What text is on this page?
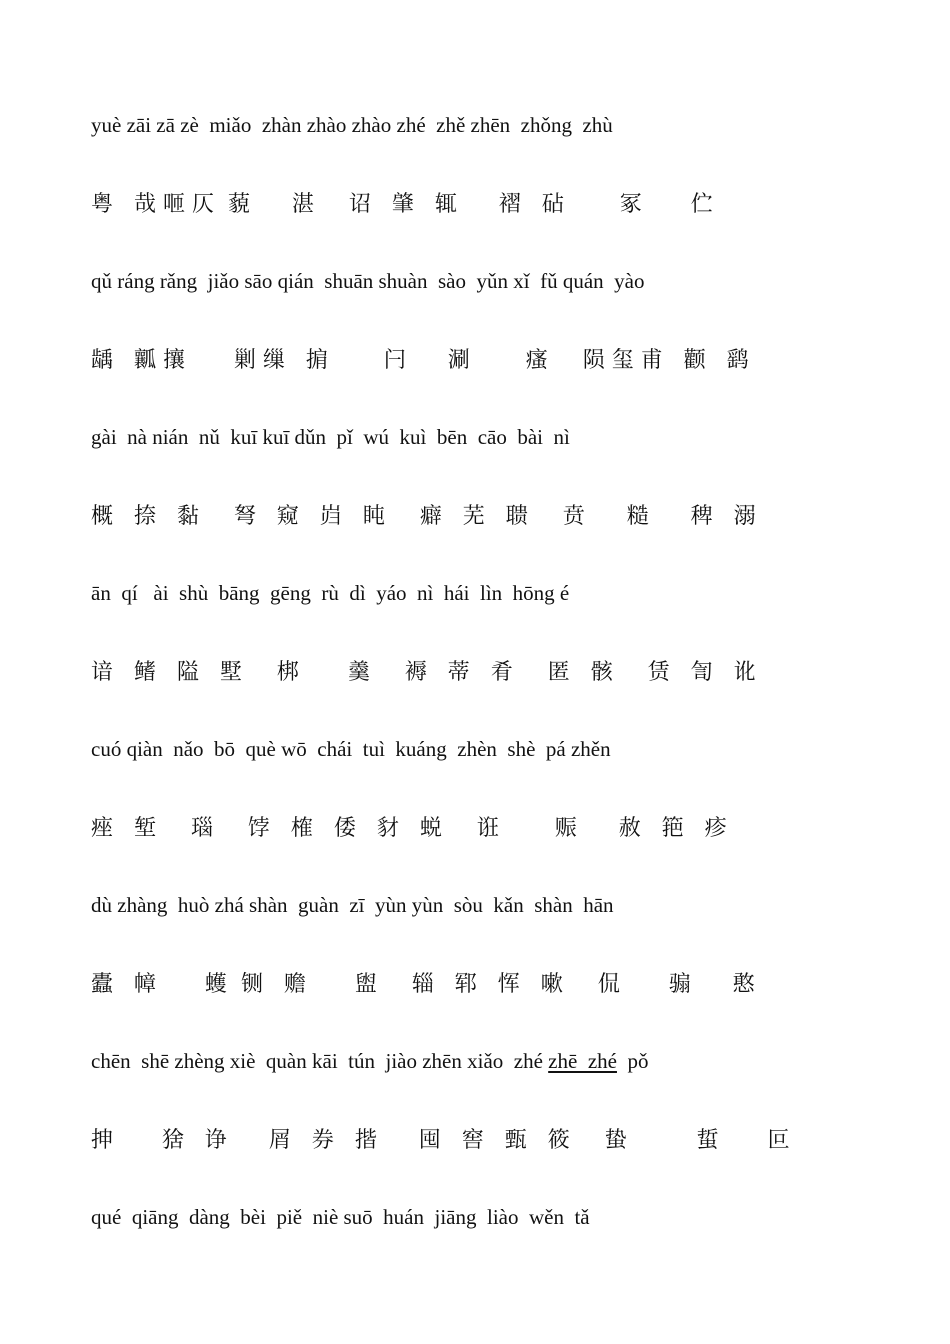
yuè zāi zā zè  miǎo  zhàn zhào zhào zhé  zhě zhēn  zhǒng  zhù
粤   哉 咂 仄  藐      湛     诏   肇   辄      褶   砧        冢       伫
qǔ ráng rǎng  jiǎo sāo qián  shuān shuàn  sào  yǔn xǐ  fǔ quán  yào
龋   瓤 攘       剿 缫   掮        闩      涮        瘙     陨 玺 甫   颧   鹞
gài  nà nián  nǔ  kuī kuī dǔn  pǐ  wú  kuì  bēn  cāo  bài  nì
概   捺   黏     弩   窥   岿   盹     癖   芜   聩     贲      糙      稗   溺
ān  qí   ài  shù  bāng  gēng  rù  dì  yáo  nì  hái  lìn  hōng é
谙   鳍   隘   墅     梆       羹     褥   蒂   肴     匿   骸     赁   訇   讹
cuó qiàn  nǎo  bō  què wō  chái  tuì  kuáng  zhèn  shè  pá zhěn
痤   堑     瑙     饽   榷   倭   豺   蜕     诳        赈      赦   筢   疹
dù zhàng  huò zhá shàn  guàn  zī  yùn yùn  sòu  kǎn  shàn  hān
蠹   幛       蠖  铡   赡       盥     辎   郓   恽   嗽     侃       骟      憨
chēn  shē zhèng xiè  quàn kāi  tún  jiào zhēn xiǎo  zhé zhē  zhé  pǒ
抻       猞   诤      屑   券   揩      囤   窖   甄   筱     蛰          蜇       叵
qué  qiāng  dàng  bèi  piě  niè suō  huán  jiāng  liào  wěn  tǎ
